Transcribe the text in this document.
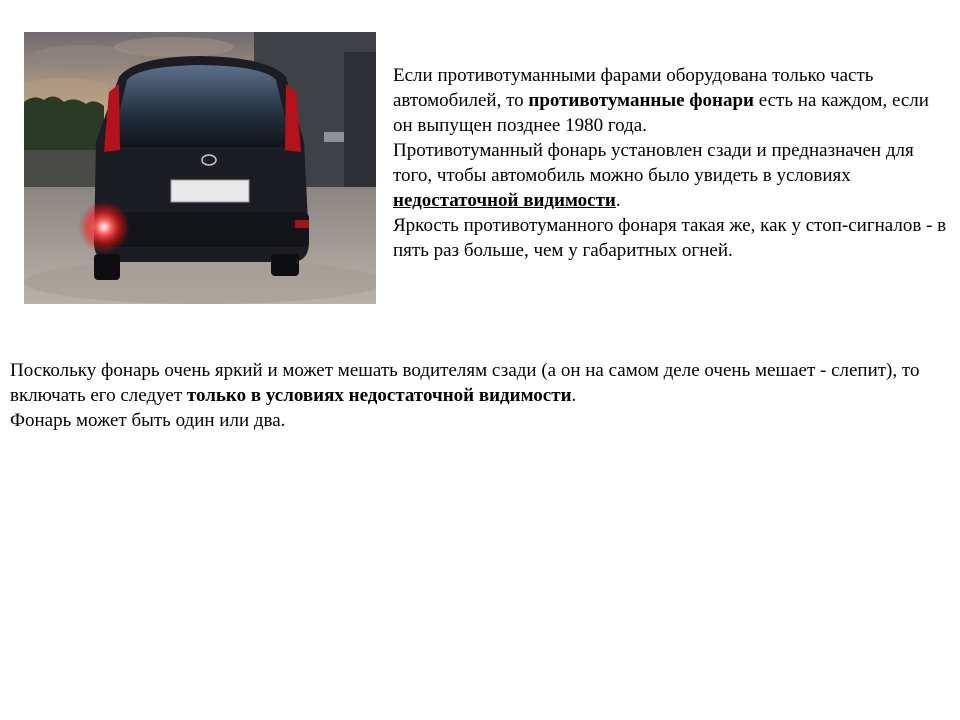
Если противотуманными фарами оборудована только часть автомобилей, то противотуманные фонари есть на каждом, если он выпущен позднее 1980 года.

Противотуманный фонарь установлен сзади и предназначен для того, чтобы автомобиль можно было увидеть в условиях недостаточной видимости.

Яркость противотуманного фонаря такая же, как у стоп-сигналов - в пять раз больше, чем у габаритных огней.

Поскольку фонарь очень яркий и может мешать водителям сзади (а он на самом деле очень мешает - слепит), то включать его следует только в условиях недостаточной видимости.

Фонарь может быть один или два.
